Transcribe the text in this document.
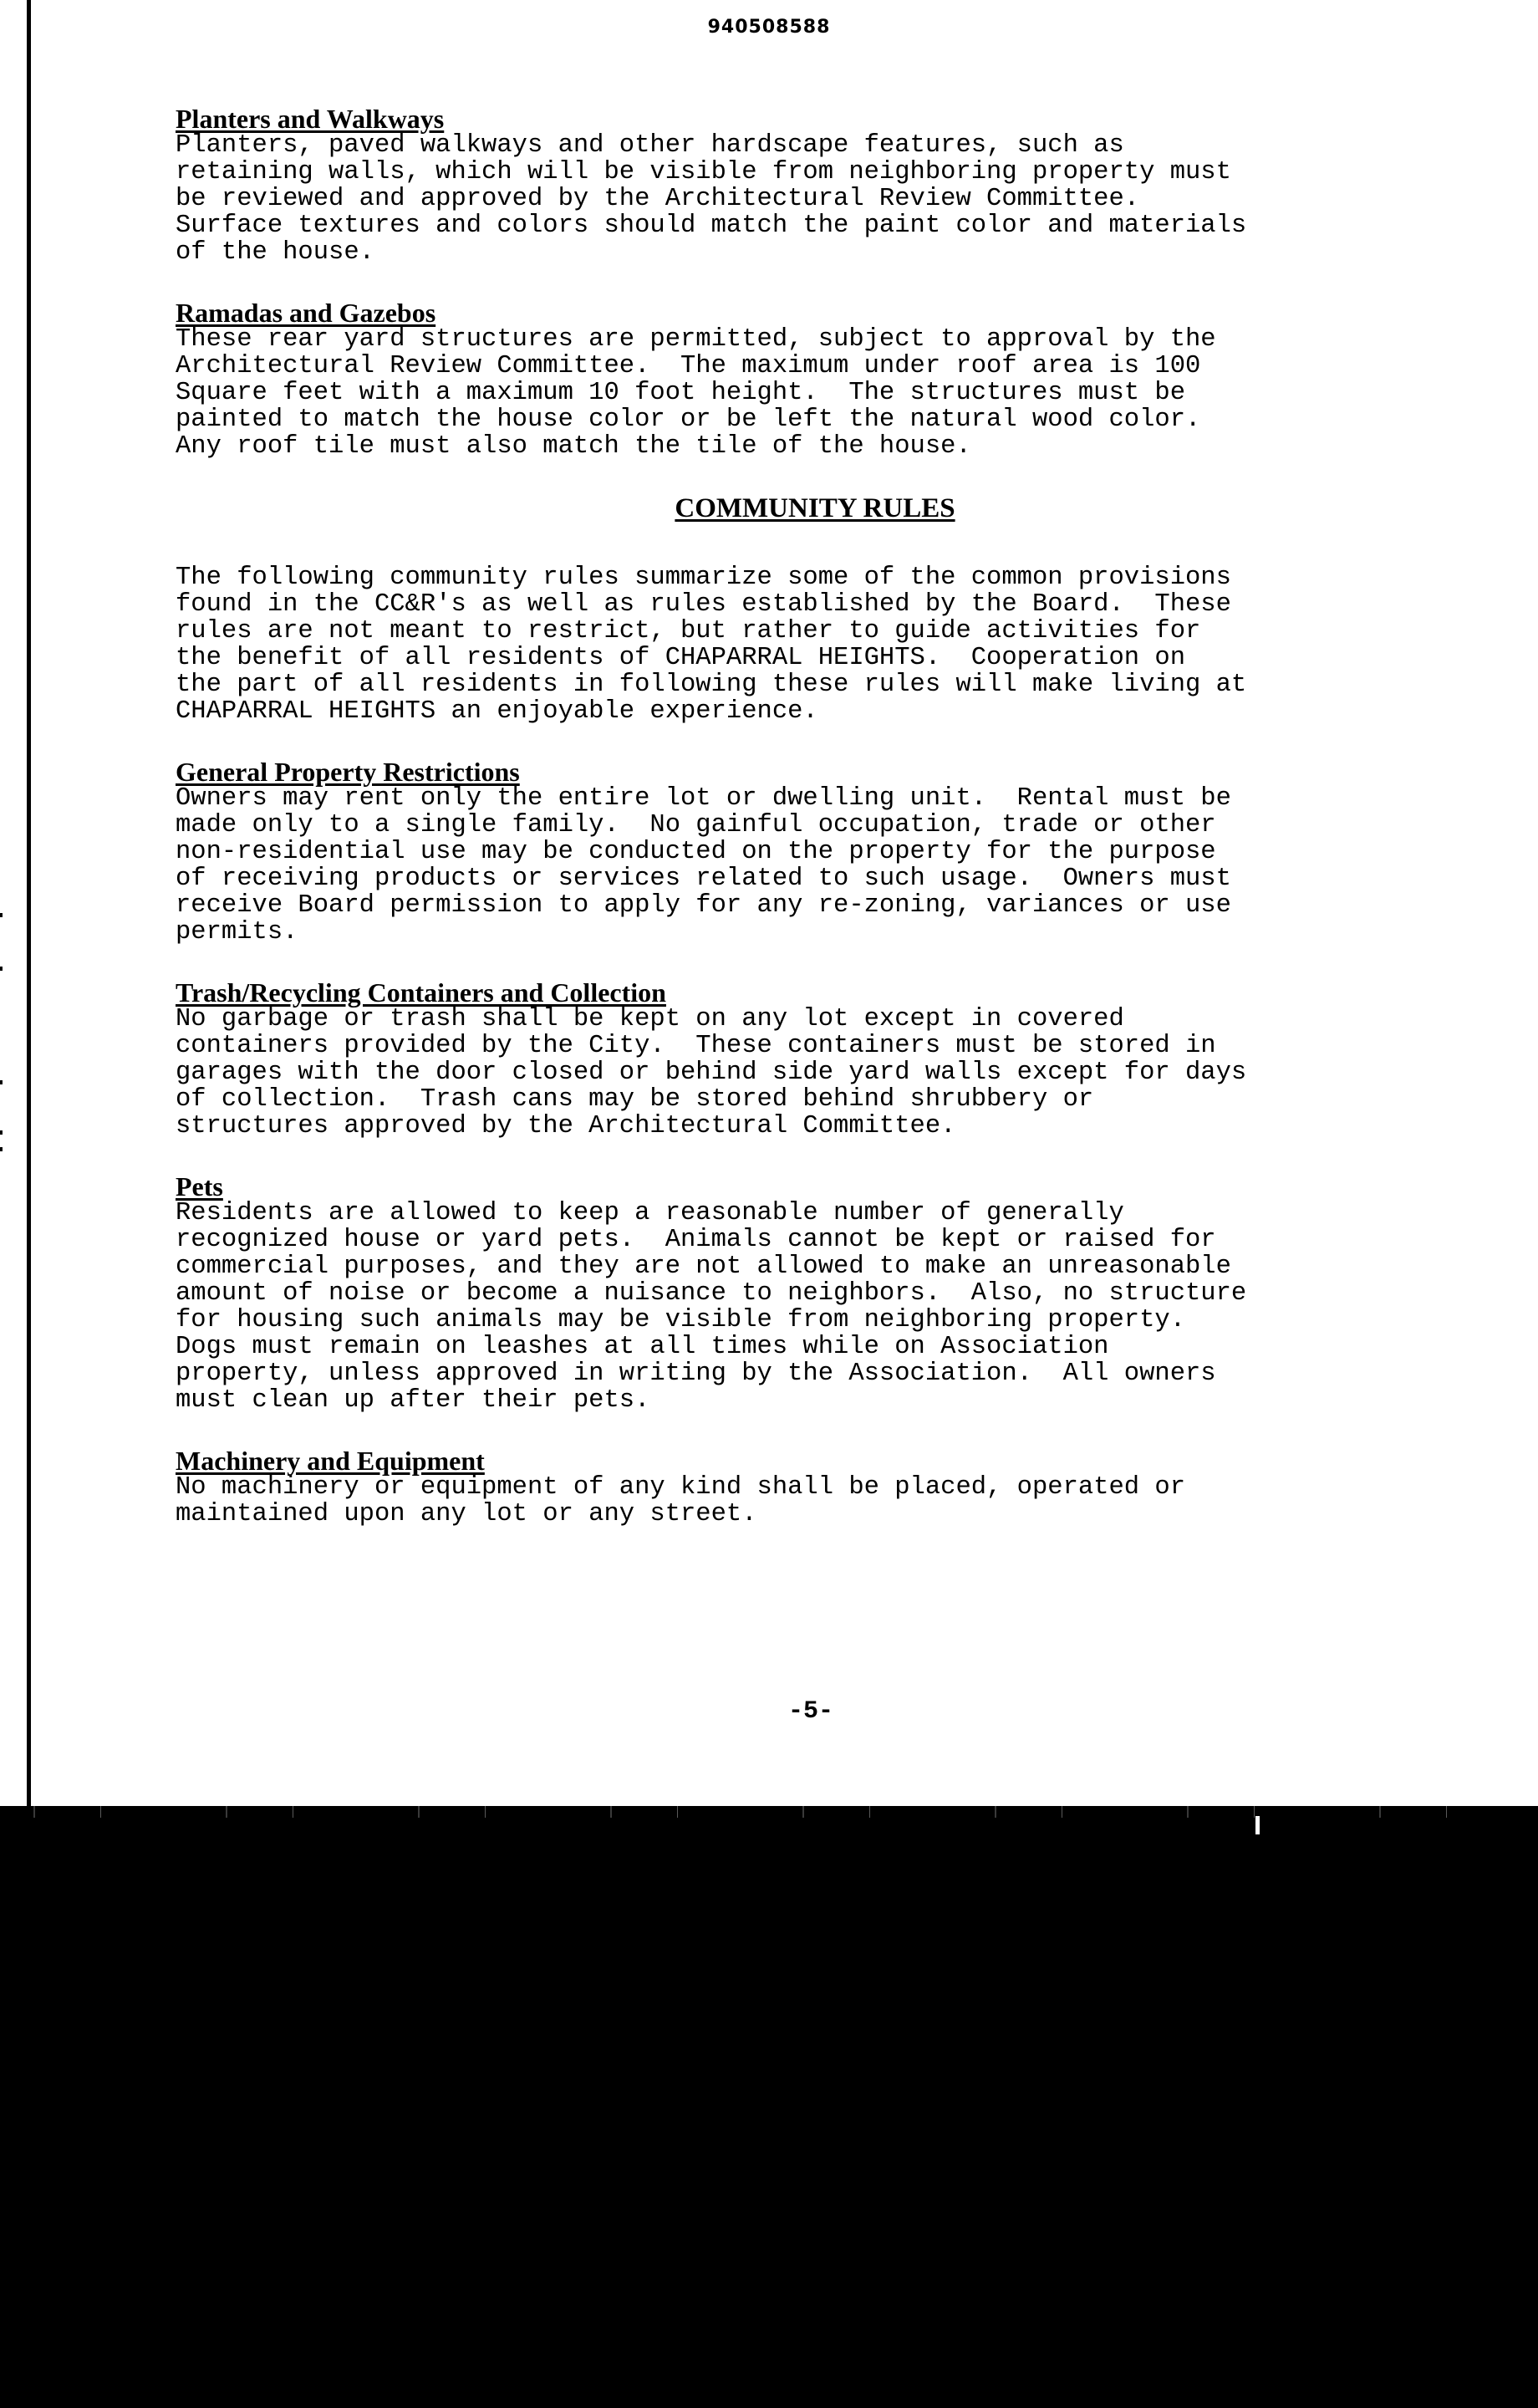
940508588

Planters and Walkways

Planters, paved walkways and other hardscape features, such as
retaining walls, which will be visible from neighboring property must
be reviewed and approved by the Architectural Review Committee.
Surface textures and colors should match the paint color and materials
of the house.

Ramadas and Gazebos

These rear yard structures are permitted, subject to approval by the
Architectural Review Committee.  The maximum under roof area is 100
Square feet with a maximum 10 foot height.  The structures must be
painted to match the house color or be left the natural wood color.
Any roof tile must also match the tile of the house.

COMMUNITY RULES

The following community rules summarize some of the common provisions
found in the CC&R's as well as rules established by the Board.  These
rules are not meant to restrict, but rather to guide activities for
the benefit of all residents of CHAPARRAL HEIGHTS.  Cooperation on
the part of all residents in following these rules will make living at
CHAPARRAL HEIGHTS an enjoyable experience.

General Property Restrictions

Owners may rent only the entire lot or dwelling unit.  Rental must be
made only to a single family.  No gainful occupation, trade or other
non-residential use may be conducted on the property for the purpose
of receiving products or services related to such usage.  Owners must
receive Board permission to apply for any re-zoning, variances or use
permits.

Trash/Recycling Containers and Collection

No garbage or trash shall be kept on any lot except in covered
containers provided by the City.  These containers must be stored in
garages with the door closed or behind side yard walls except for days
of collection.  Trash cans may be stored behind shrubbery or
structures approved by the Architectural Committee.

Pets

Residents are allowed to keep a reasonable number of generally
recognized house or yard pets.  Animals cannot be kept or raised for
commercial purposes, and they are not allowed to make an unreasonable
amount of noise or become a nuisance to neighbors.  Also, no structure
for housing such animals may be visible from neighboring property.
Dogs must remain on leashes at all times while on Association
property, unless approved in writing by the Association.  All owners
must clean up after their pets.

Machinery and Equipment

No machinery or equipment of any kind shall be placed, operated or
maintained upon any lot or any street.

-5-
